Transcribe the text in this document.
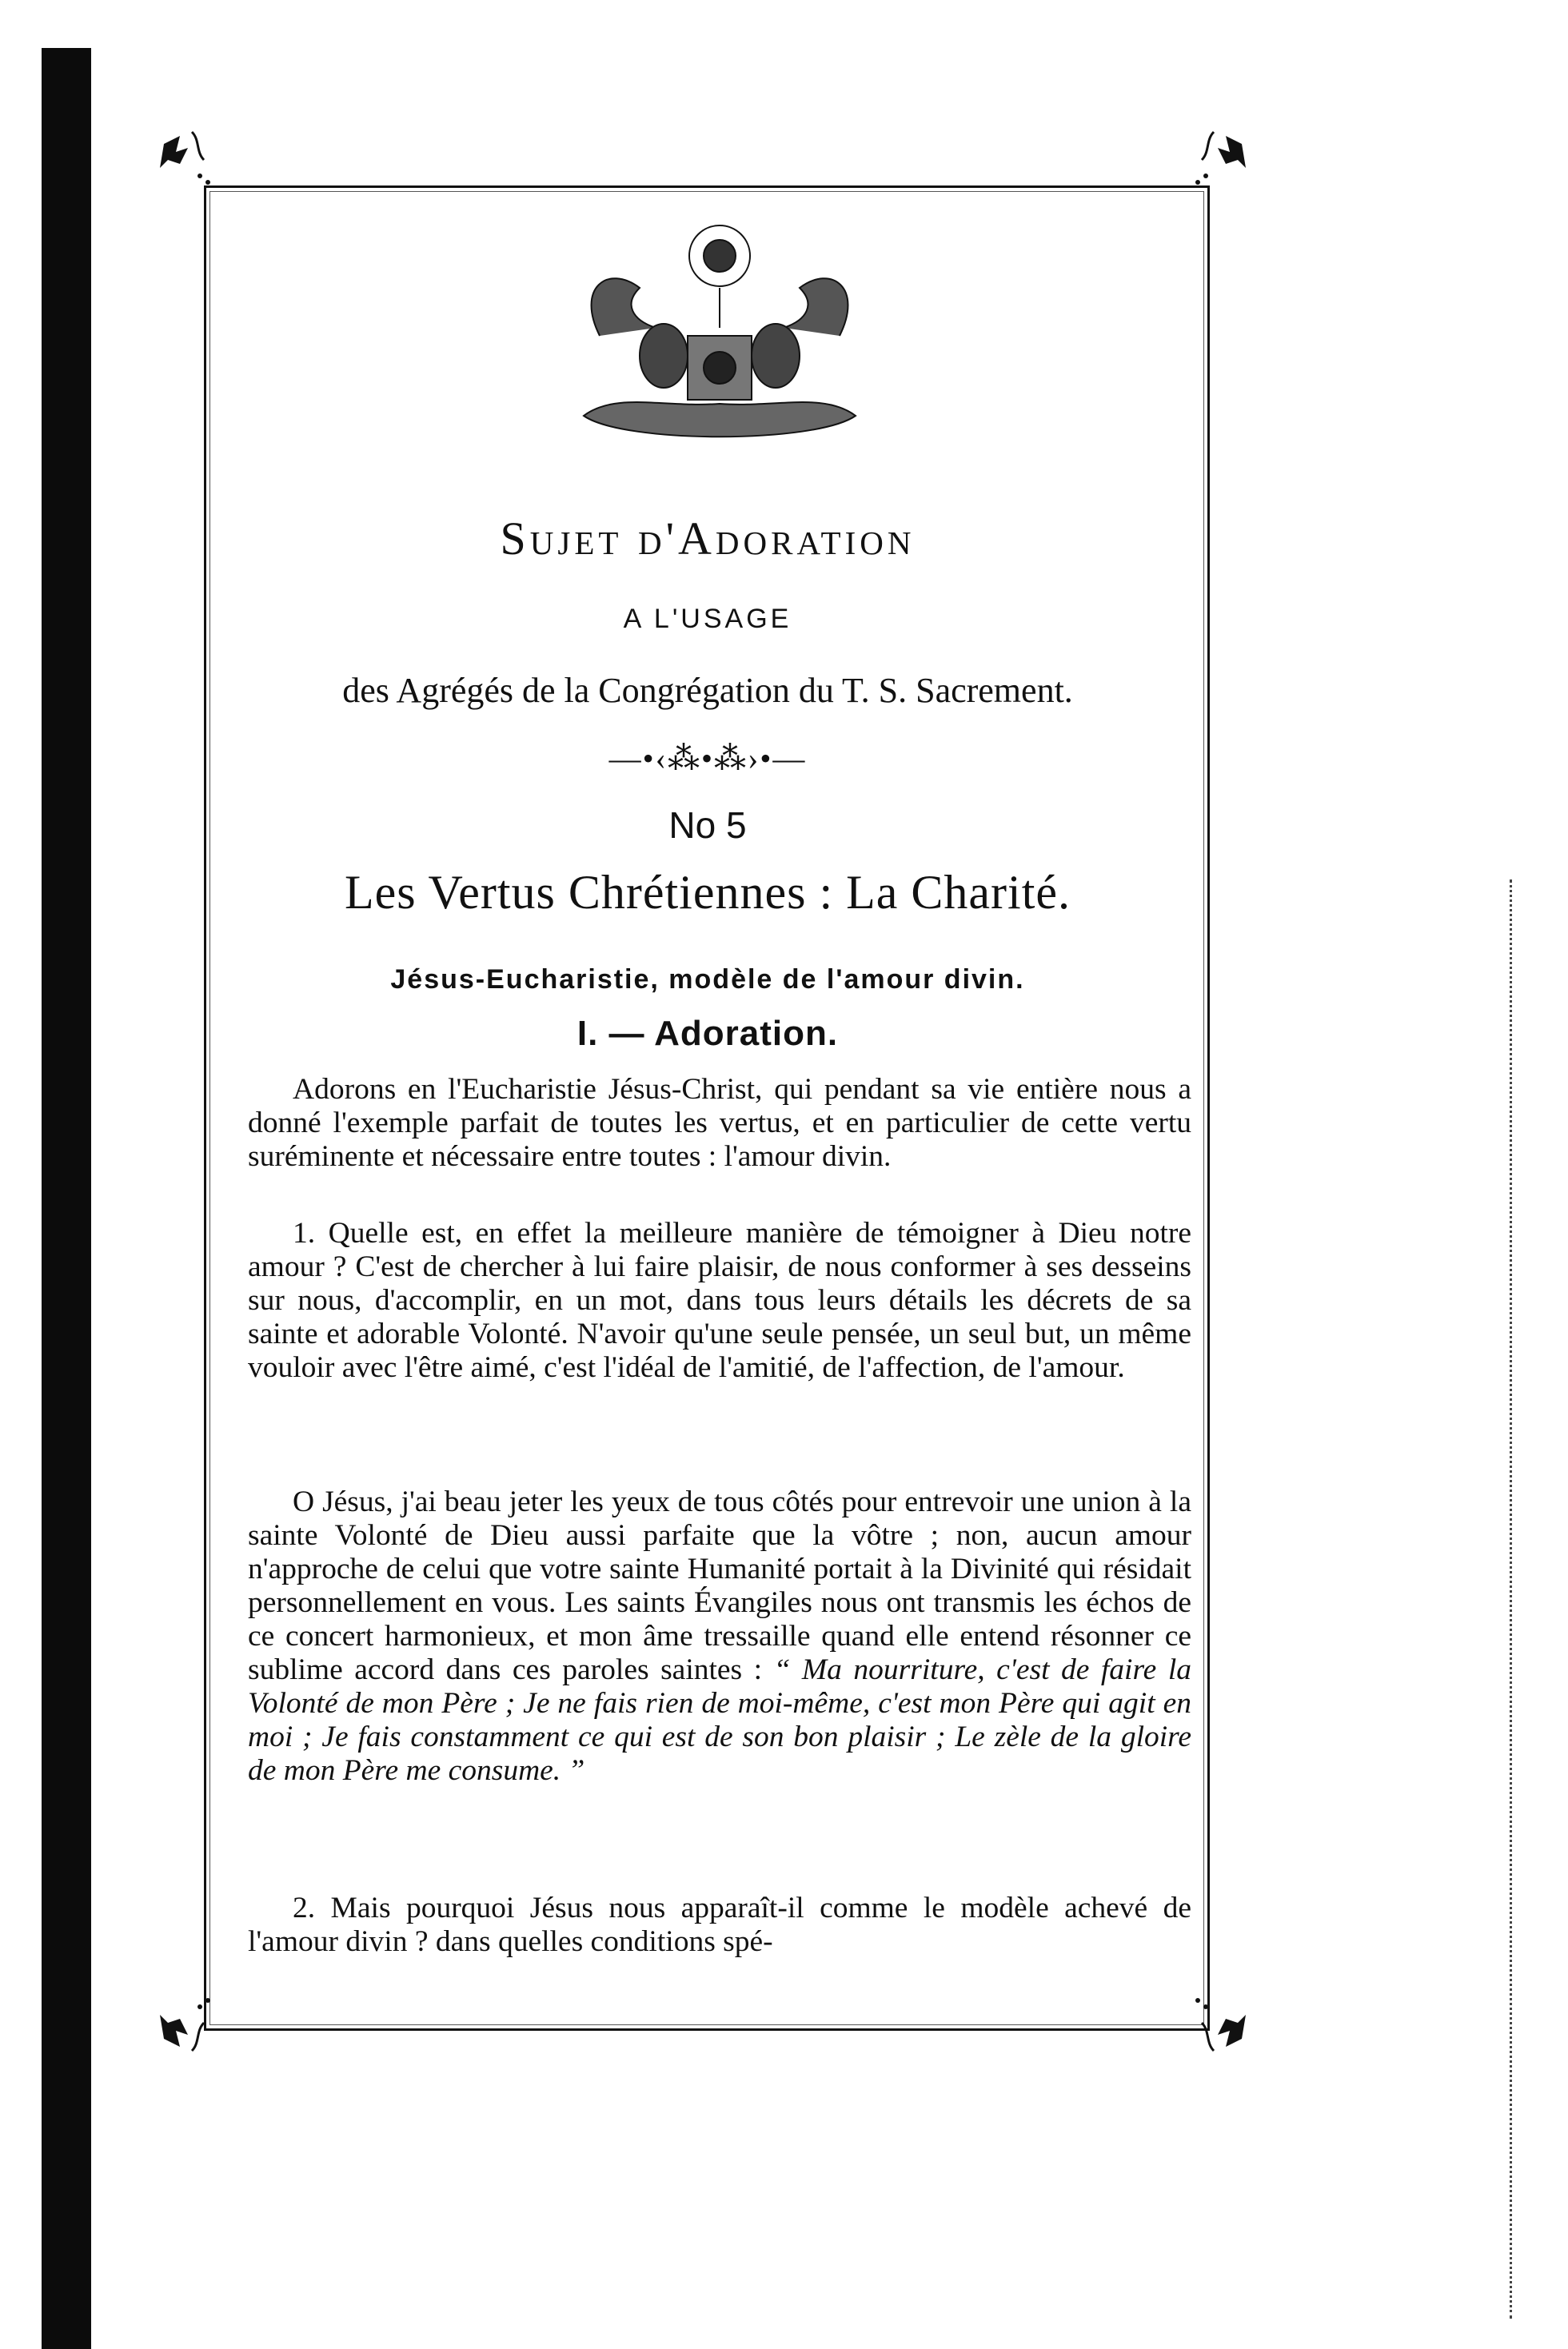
Sujet d'Adoration
A L'USAGE
des Agrégés de la Congrégation du T. S. Sacrement.
—•‹⁂•⁂›•—
No 5
Les Vertus Chrétiennes : La Charité.
Jésus-Eucharistie, modèle de l'amour divin.
I. — Adoration.

Adorons en l'Eucharistie Jésus-Christ, qui pendant sa vie entière nous a donné l'exemple parfait de toutes les vertus, et en particulier de cette vertu suréminente et nécessaire entre toutes : l'amour divin.

1. Quelle est, en effet la meilleure manière de témoigner à Dieu notre amour ? C'est de chercher à lui faire plaisir, de nous conformer à ses desseins sur nous, d'accomplir, en un mot, dans tous leurs détails les décrets de sa sainte et adorable Volonté. N'avoir qu'une seule pensée, un seul but, un même vouloir avec l'être aimé, c'est l'idéal de l'amitié, de l'affection, de l'amour.

O Jésus, j'ai beau jeter les yeux de tous côtés pour entrevoir une union à la sainte Volonté de Dieu aussi parfaite que la vôtre ; non, aucun amour n'approche de celui que votre sainte Humanité portait à la Divinité qui résidait personnellement en vous. Les saints Évangiles nous ont transmis les échos de ce concert harmonieux, et mon âme tressaille quand elle entend résonner ce sublime accord dans ces paroles saintes : “ Ma nourriture, c'est de faire la Volonté de mon Père ; Je ne fais rien de moi-même, c'est mon Père qui agit en moi ; Je fais constamment ce qui est de son bon plaisir ; Le zèle de la gloire de mon Père me consume. ”

2. Mais pourquoi Jésus nous apparaît-il comme le modèle achevé de l'amour divin ? dans quelles conditions spé-
